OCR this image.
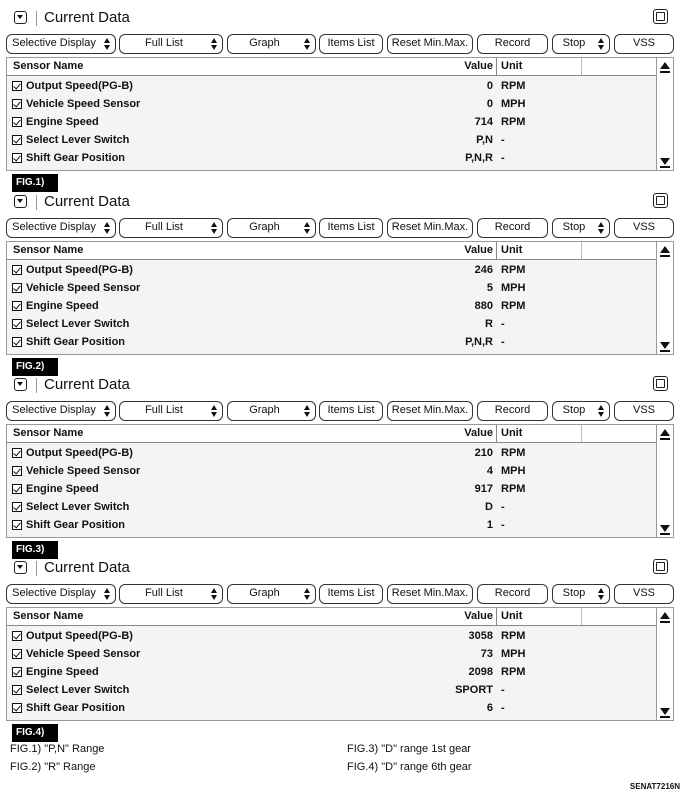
Current Data
Selective Display	Full List	Graph	Items List	Reset Min.Max.	Record	Stop	VSS
Sensor Name	Value Unit
Output Speed(PG-B)	0 RPM
Vehicle Speed Sensor	0 MPH
Engine Speed	714 RPM
Select Lever Switch	P,N -
Shift Gear Position	P,N,R -
FIG.1)
Current Data
Selective Display	Full List	Graph	Items List	Reset Min.Max.	Record	Stop	VSS
Sensor Name	Value Unit
Output Speed(PG-B)	246 RPM
Vehicle Speed Sensor	5 MPH
Engine Speed	880 RPM
Select Lever Switch	R -
Shift Gear Position	P,N,R -
FIG.2)
Current Data
Selective Display	Full List	Graph	Items List	Reset Min.Max.	Record	Stop	VSS
Sensor Name	Value Unit
Output Speed(PG-B)	210 RPM
Vehicle Speed Sensor	4 MPH
Engine Speed	917 RPM
Select Lever Switch	D -
Shift Gear Position	1 -
FIG.3)
Current Data
Selective Display	Full List	Graph	Items List	Reset Min.Max.	Record	Stop	VSS
Sensor Name	Value Unit
Output Speed(PG-B)	3058 RPM
Vehicle Speed Sensor	73 MPH
Engine Speed	2098 RPM
Select Lever Switch	SPORT -
Shift Gear Position	6 -
FIG.4)
FIG.1) "P,N" Range
FIG.2) "R" Range
FIG.3) "D" range 1st gear
FIG.4) "D" range 6th gear
SENAT7216N
